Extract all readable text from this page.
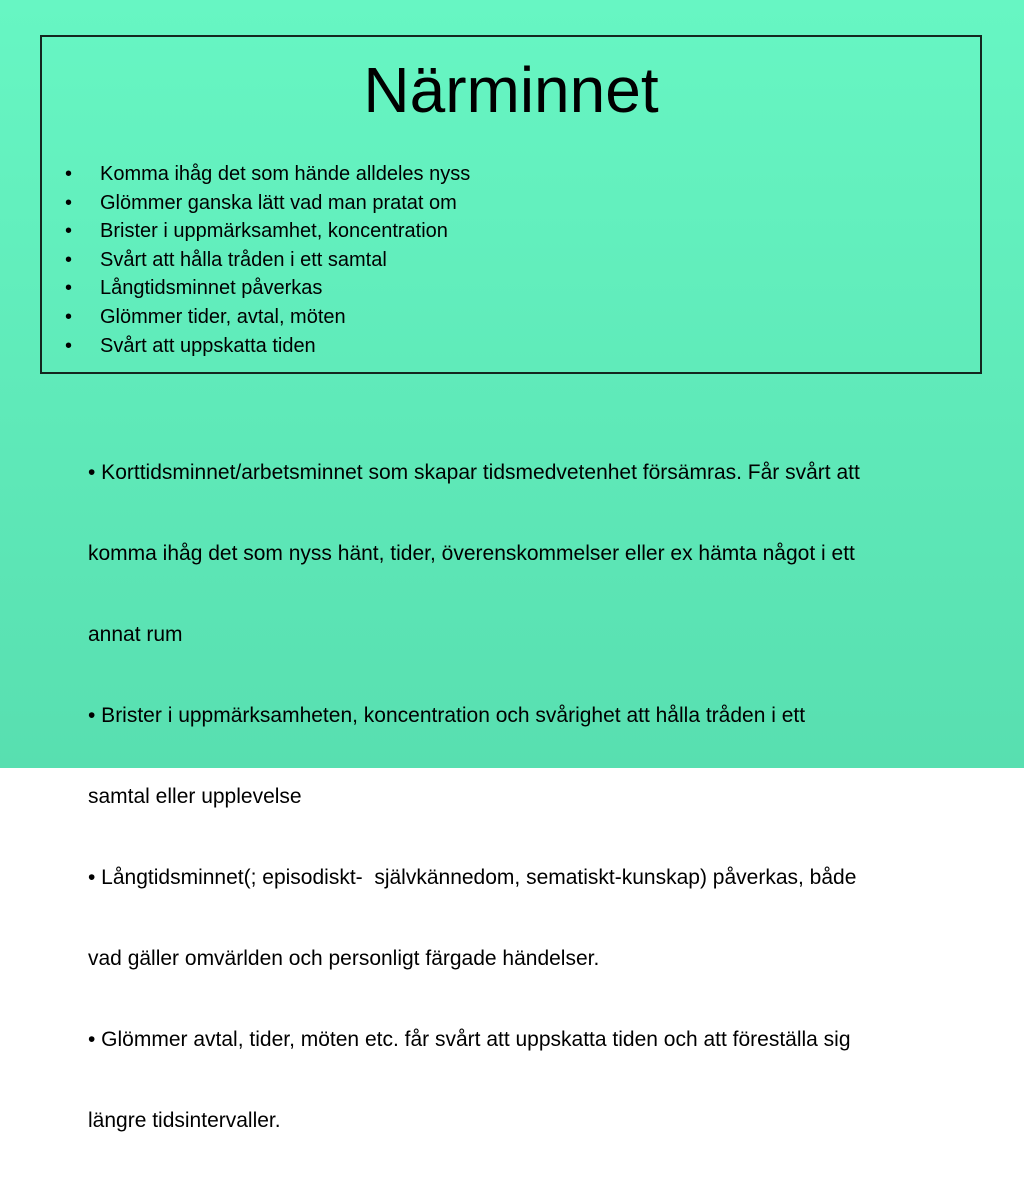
Närminnet
•	Komma ihåg det som hände alldeles nyss
•	Glömmer ganska lätt vad man pratat om
•	Brister i uppmärksamhet, koncentration
•	Svårt att hålla tråden i ett samtal
•	Långtidsminnet påverkas
•	Glömmer tider, avtal, möten
•	Svårt att uppskatta tiden

• Korttidsminnet/arbetsminnet som skapar tidsmedvetenhet försämras. Får svårt att

komma ihåg det som nyss hänt, tider, överenskommelser eller ex hämta något i ett

annat rum

• Brister i uppmärksamheten, koncentration och svårighet att hålla tråden i ett

samtal eller upplevelse

• Långtidsminnet(; episodiskt-  självkännedom, sematiskt-kunskap) påverkas, både

vad gäller omvärlden och personligt färgade händelser.

• Glömmer avtal, tider, möten etc. får svårt att uppskatta tiden och att föreställa sig

längre tidsintervaller.
